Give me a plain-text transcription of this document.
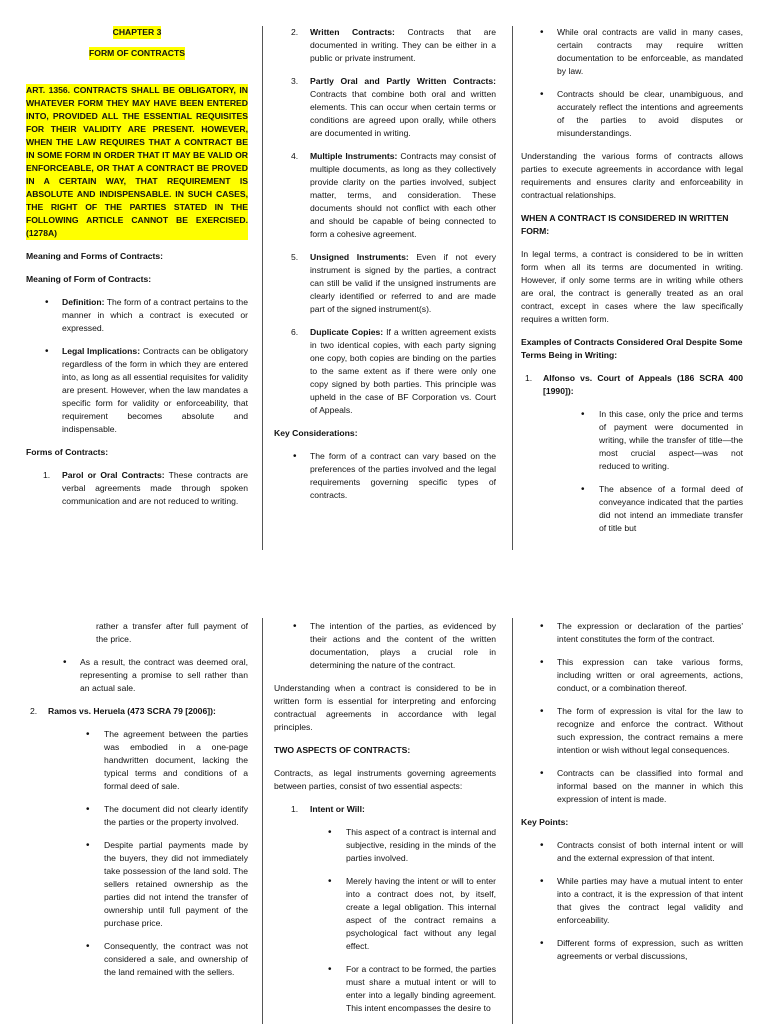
CHAPTER 3

FORM OF CONTRACTS

ART. 1356. CONTRACTS SHALL BE OBLIGATORY, IN WHATEVER FORM THEY MAY HAVE BEEN ENTERED INTO, PROVIDED ALL THE ESSENTIAL REQUISITES FOR THEIR VALIDITY ARE PRESENT. HOWEVER, WHEN THE LAW REQUIRES THAT A CONTRACT BE IN SOME FORM IN ORDER THAT IT MAY BE VALID OR ENFORCEABLE, OR THAT A CONTRACT BE PROVED IN A CERTAIN WAY, THAT REQUIREMENT IS ABSOLUTE AND INDISPENSABLE. IN SUCH CASES, THE RIGHT OF THE PARTIES STATED IN THE FOLLOWING ARTICLE CANNOT BE EXERCISED. (1278A)

Meaning and Forms of Contracts:
Meaning of Form of Contracts:
• Definition: The form of a contract pertains to the manner in which a contract is executed or expressed.
• Legal Implications: Contracts can be obligatory regardless of the form in which they are entered into, as long as all essential requisites for validity are present. However, when the law mandates a specific form for validity or enforceability, that requirement becomes absolute and indispensable.
Forms of Contracts:
1. Parol or Oral Contracts: These contracts are verbal agreements made through spoken communication and are not reduced to writing.
2. Written Contracts: Contracts that are documented in writing. They can be either in a public or private instrument.
3. Partly Oral and Partly Written Contracts: Contracts that combine both oral and written elements. This can occur when certain terms or conditions are agreed upon orally, while others are documented in writing.
4. Multiple Instruments: Contracts may consist of multiple documents, as long as they collectively provide clarity on the parties involved, subject matter, terms, and consideration. These documents should not conflict with each other and should be capable of being connected to form a cohesive agreement.
5. Unsigned Instruments: Even if not every instrument is signed by the parties, a contract can still be valid if the unsigned instruments are clearly identified or referred to and are made part of the signed instrument(s).
6. Duplicate Copies: If a written agreement exists in two identical copies, with each party signing one copy, both copies are binding on the parties to the same extent as if there were only one copy signed by both parties. This principle was upheld in the case of BF Corporation vs. Court of Appeals.
Key Considerations:
• The form of a contract can vary based on the preferences of the parties involved and the legal requirements governing specific types of contracts.
• While oral contracts are valid in many cases, certain contracts may require written documentation to be enforceable, as mandated by law.
• Contracts should be clear, unambiguous, and accurately reflect the intentions and agreements of the parties to avoid disputes or misunderstandings.

Understanding the various forms of contracts allows parties to execute agreements in accordance with legal requirements and ensures clarity and enforceability in contractual relationships.

WHEN A CONTRACT IS CONSIDERED IN WRITTEN FORM:

In legal terms, a contract is considered to be in written form when all its terms are documented in writing. However, if only some terms are in writing while others are oral, the contract is generally treated as an oral contract, except in cases where the law specifically requires a written form.

Examples of Contracts Considered Oral Despite Some Terms Being in Writing:
1. Alfonso vs. Court of Appeals (186 SCRA 400 [1990]):
• In this case, only the price and terms of payment were documented in writing, while the transfer of title—the most crucial aspect—was not reduced to writing.
• The absence of a formal deed of conveyance indicated that the parties did not intend an immediate transfer of title but

rather a transfer after full payment of the price.

• As a result, the contract was deemed oral, representing a promise to sell rather than an actual sale.
2. Ramos vs. Heruela (473 SCRA 79 [2006]):
• The agreement between the parties was embodied in a one-page handwritten document, lacking the typical terms and conditions of a formal deed of sale.
• The document did not clearly identify the parties or the property involved.
• Despite partial payments made by the buyers, they did not immediately take possession of the land sold. The sellers retained ownership as the parties did not intend the transfer of ownership until full payment of the purchase price.
• Consequently, the contract was not considered a sale, and ownership of the land remained with the sellers.
• The intention of the parties, as evidenced by their actions and the content of the written documentation, plays a crucial role in determining the nature of the contract.

Understanding when a contract is considered to be in written form is essential for interpreting and enforcing contractual agreements in accordance with legal principles.

TWO ASPECTS OF CONTRACTS:

Contracts, as legal instruments governing agreements between parties, consist of two essential aspects:

1. Intent or Will:
• This aspect of a contract is internal and subjective, residing in the minds of the parties involved.
• Merely having the intent or will to enter into a contract does not, by itself, create a legal obligation. This internal aspect of the contract remains a psychological fact without any legal effect.
• For a contract to be formed, the parties must share a mutual intent or will to enter into a legally binding agreement. This intent encompasses the desire to
• The expression or declaration of the parties' intent constitutes the form of the contract.
• This expression can take various forms, including written or oral agreements, actions, conduct, or a combination thereof.
• The form of expression is vital for the law to recognize and enforce the contract. Without such expression, the contract remains a mere intention or wish without legal consequences.
• Contracts can be classified into formal and informal based on the manner in which this expression of intent is made.
Key Points:
• Contracts consist of both internal intent or will and the external expression of that intent.
• While parties may have a mutual intent to enter into a contract, it is the expression of that intent that gives the contract legal validity and enforceability.
• Different forms of expression, such as written agreements or verbal discussions,
